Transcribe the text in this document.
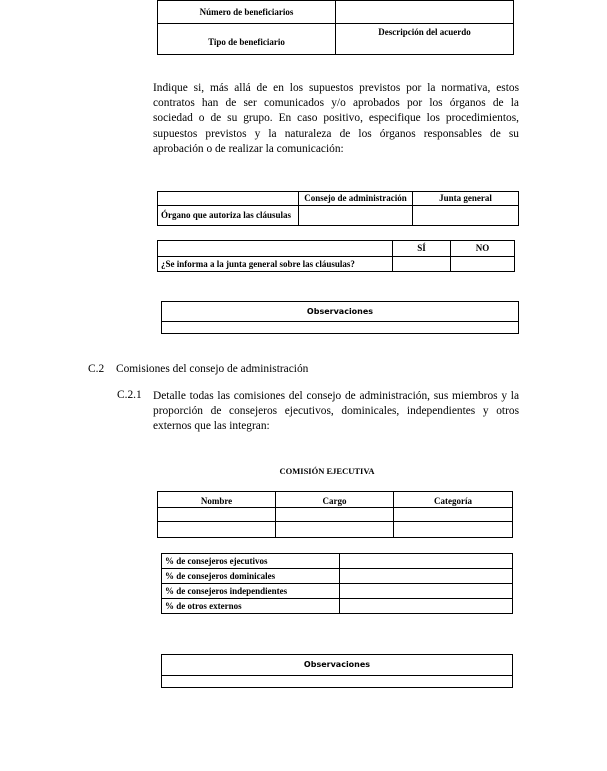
Número de beneficiarios	
Tipo de beneficiario	Descripción del acuerdo
Indique si, más allá de en los supuestos previstos por la normativa, estos
contratos han de ser comunicados y/o aprobados por los órganos de la
sociedad o de su grupo. En caso positivo, especifique los procedimientos,
supuestos previstos y la naturaleza de los órganos responsables de su
aprobación o de realizar la comunicación:
	Consejo de administración	Junta general
Órgano que autoriza las cláusulas		
	SÍ	NO
¿Se informa a la junta general sobre las cláusulas?		
Observaciones

C.2 Comisiones del consejo de administración
C.2.1 Detalle todas las comisiones del consejo de administración, sus miembros y la
proporción de consejeros ejecutivos, dominicales, independientes y otros
externos que las integran:
COMISIÓN EJECUTIVA
Nombre	Cargo	Categoría

% de consejeros ejecutivos	
% de consejeros dominicales	
% de consejeros independientes	
% de otros externos	
Observaciones
